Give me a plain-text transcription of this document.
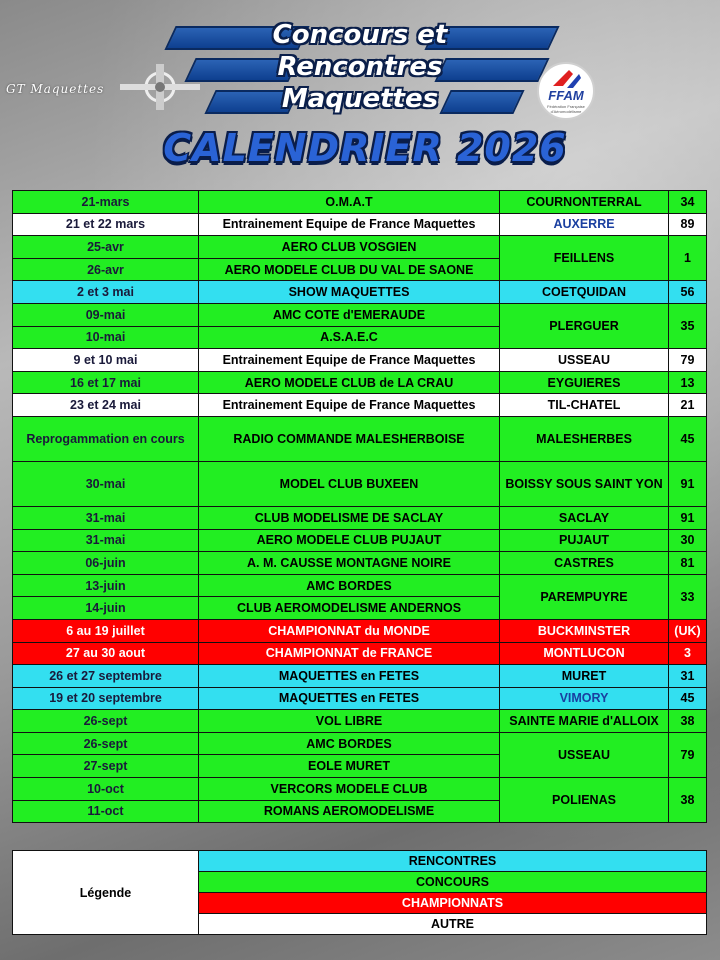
GT Maquettes
Concours et
Rencontres
Maquettes	FFAM
Fédération Française d'Aéromodélisme
CALENDRIER 2026
21-mars	O.M.A.T	COURNONTERRAL	34
21 et 22 mars	Entrainement Equipe de France Maquettes	AUXERRE	89
25-avr	AERO CLUB VOSGIEN	FEILLENS	1
26-avr	AERO MODELE CLUB DU VAL DE SAONE		
2 et 3 mai	SHOW MAQUETTES	COETQUIDAN	56
09-mai	AMC COTE d'EMERAUDE	PLERGUER	35
10-mai	A.S.A.E.C		
9 et 10 mai	Entrainement Equipe de France Maquettes	USSEAU	79
16 et 17 mai	AERO MODELE CLUB de LA CRAU	EYGUIERES	13
23 et 24 mai	Entrainement Equipe de France Maquettes	TIL-CHATEL	21
Reprogammation en cours	RADIO COMMANDE MALESHERBOISE	MALESHERBES	45
30-mai	MODEL CLUB BUXEEN	BOISSY SOUS SAINT YON	91
31-mai	CLUB MODELISME DE SACLAY	SACLAY	91
31-mai	AERO MODELE CLUB PUJAUT	PUJAUT	30
06-juin	A. M. CAUSSE MONTAGNE NOIRE	CASTRES	81
13-juin	AMC BORDES	PAREMPUYRE	33
14-juin	CLUB AEROMODELISME ANDERNOS		
6 au 19 juillet	CHAMPIONNAT du MONDE	BUCKMINSTER	(UK)
27 au 30 aout	CHAMPIONNAT de FRANCE	MONTLUCON	3
26 et 27 septembre	MAQUETTES en FETES	MURET	31
19 et 20 septembre	MAQUETTES en FETES	VIMORY	45
26-sept	VOL LIBRE	SAINTE MARIE d'ALLOIX	38
26-sept	AMC BORDES	USSEAU	79
27-sept	EOLE MURET		
10-oct	VERCORS MODELE CLUB	POLIENAS	38
11-oct	ROMANS AEROMODELISME		
Légende	RENCONTRES
CONCOURS
CHAMPIONNATS
AUTRE
